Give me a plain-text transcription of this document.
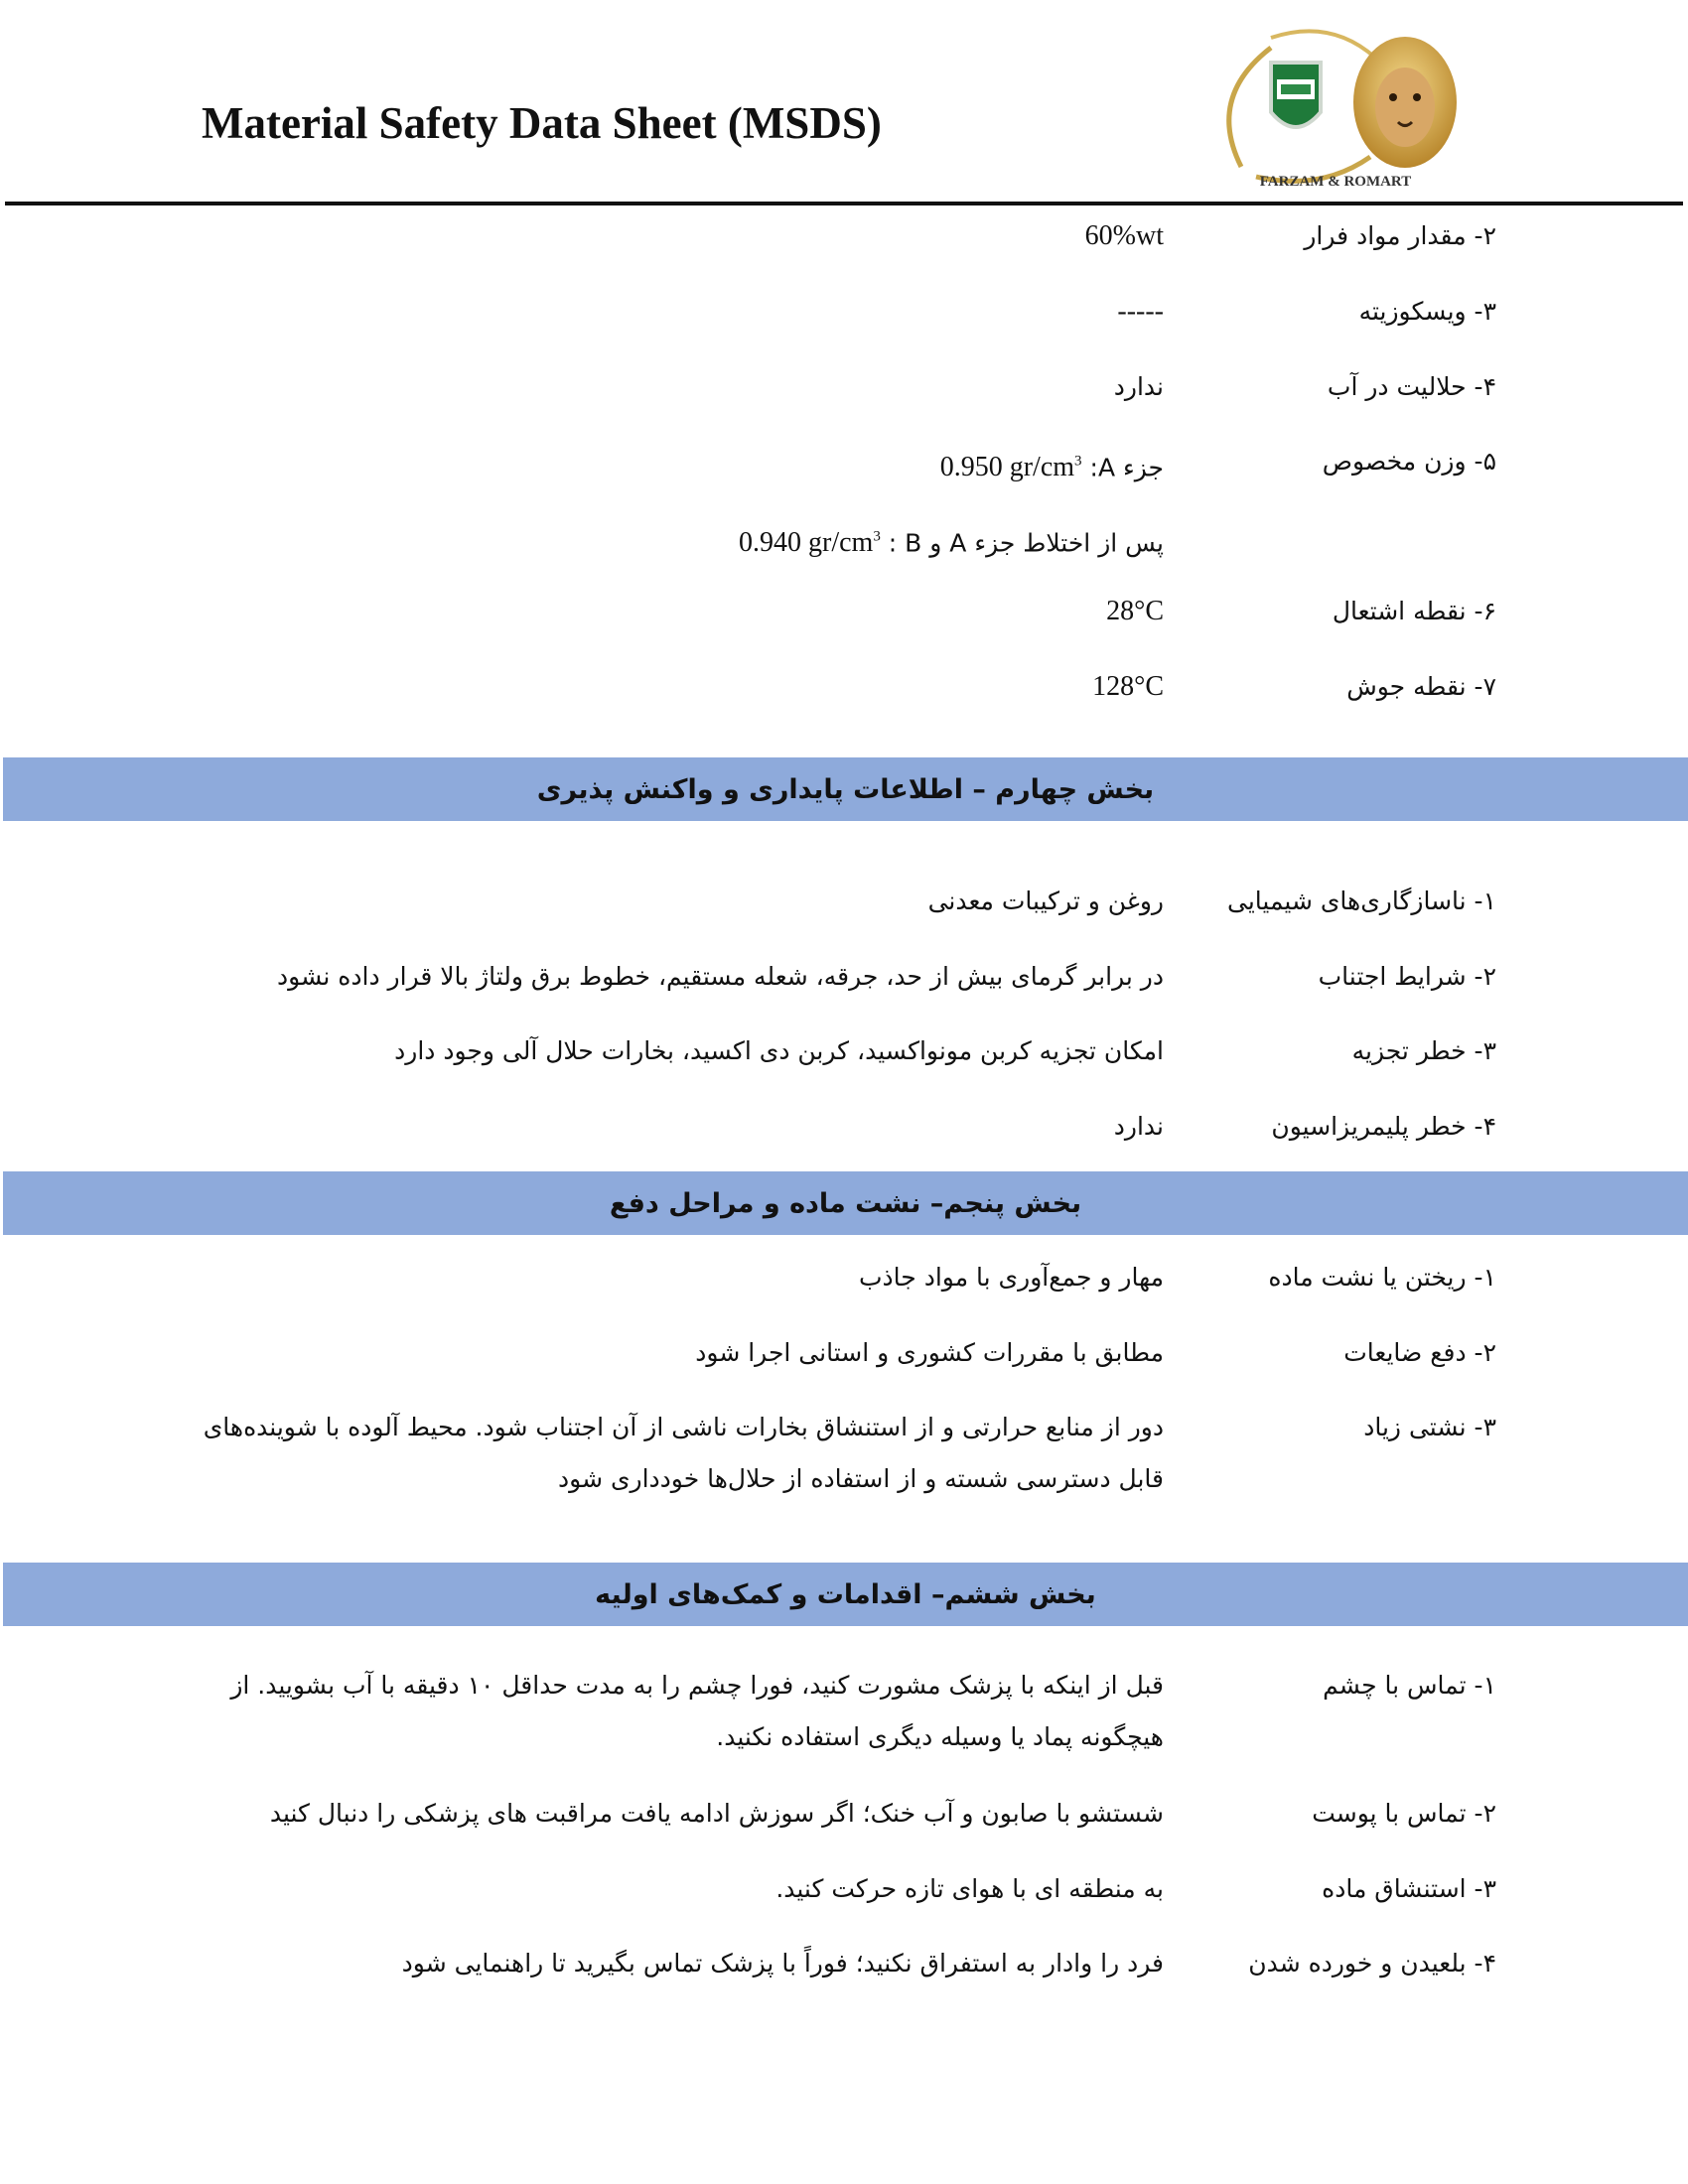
Material Safety Data Sheet (MSDS)
FARZAM & ROMART
۲- مقدار مواد فرار
60%wt
۳- ویسکوزیته
-----
۴- حلالیت در آب
ندارد
۵- وزن مخصوص
جزء A: 0.950 $gr/cm^3$
پس از اختلاط جزء A و B : 0.940 $gr/cm^3$
۶- نقطه اشتعال
28°C
۷- نقطه جوش
128°C
بخش چهارم – اطلاعات پایداری و واکنش پذیری
۱- ناسازگاری‌های شیمیایی
روغن و ترکیبات معدنی
۲- شرایط اجتناب
در برابر گرمای بیش از حد، جرقه، شعله مستقیم، خطوط برق ولتاژ بالا قرار داده نشود
۳- خطر تجزیه
امکان تجزیه کربن مونواکسید، کربن دی اکسید، بخارات حلال آلی وجود دارد
۴- خطر پلیمریزاسیون
ندارد
بخش پنجم– نشت ماده و مراحل دفع
۱- ریختن یا نشت ماده
مهار و جمع‌آوری با مواد جاذب
۲- دفع ضایعات
مطابق با مقررات کشوری و استانی اجرا شود
۳- نشتی زیاد
دور از منابع حرارتی و از استنشاق بخارات ناشی از آن اجتناب شود. محیط آلوده با شوینده‌های قابل دسترسی شسته و از استفاده از حلال‌ها خودداری شود
بخش ششم– اقدامات و کمک‌های اولیه
۱- تماس با چشم
قبل از اینکه با پزشک مشورت کنید، فورا چشم را به مدت حداقل ۱۰ دقیقه با آب بشویید. از هیچگونه پماد یا وسیله دیگری استفاده نکنید.
۲- تماس با پوست
شستشو با صابون و آب خنک؛ اگر سوزش ادامه یافت مراقبت های پزشکی را دنبال کنید
۳- استنشاق ماده
به منطقه ای با هوای تازه حرکت کنید.
۴- بلعیدن و خورده شدن
فرد را وادار به استفراق نکنید؛ فوراً با پزشک تماس بگیرید تا راهنمایی شود
